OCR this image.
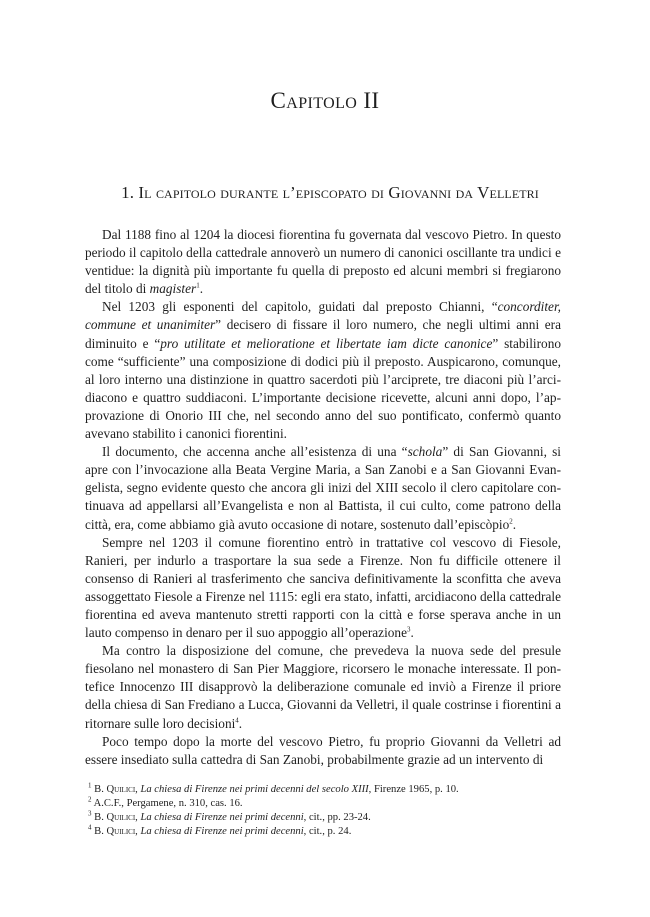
Capitolo II
1. Il capitolo durante l’episcopato di Giovanni da Velletri

Dal 1188 fino al 1204 la diocesi fiorentina fu governata dal vescovo Pietro. In questo periodo il capitolo della cattedrale annoverò un numero di canonici oscillante tra undici e ventidue: la dignità più importante fu quella di preposto ed alcuni membri si fregiarono del titolo di magister$^1$.

Nel 1203 gli esponenti del capitolo, guidati dal preposto Chianni, “concorditer, commune et unanimiter” decisero di fissare il loro numero, che negli ultimi anni era diminuito e “pro utilitate et melioratione et libertate iam dicte canonice” stabilirono come “sufficiente” una composizione di dodici più il preposto. Auspicarono, comunque, al loro interno una distinzione in quattro sacerdoti più l’arciprete, tre diaconi più l’arcidiacono e quattro suddiaconi. L’importante decisione ricevette, alcuni anni dopo, l’approvazione di Onorio III che, nel secondo anno del suo pontificato, confermò quanto avevano stabilito i canonici fiorentini.

Il documento, che accenna anche all’esistenza di una “schola” di San Giovanni, si apre con l’invocazione alla Beata Vergine Maria, a San Zanobi e a San Giovanni Evangelista, segno evidente questo che ancora gli inizi del XIII secolo il clero capitolare continuava ad appellarsi all’Evangelista e non al Battista, il cui culto, come patrono della città, era, come abbiamo già avuto occasione di notare, sostenuto dall’episcòpio$^2$.

Sempre nel 1203 il comune fiorentino entrò in trattative col vescovo di Fiesole, Ranieri, per indurlo a trasportare la sua sede a Firenze. Non fu difficile ottenere il consenso di Ranieri al trasferimento che sanciva definitivamente la sconfitta che aveva assoggettato Fiesole a Firenze nel 1115: egli era stato, infatti, arcidiacono della cattedrale fiorentina ed aveva mantenuto stretti rapporti con la città e forse sperava anche in un lauto compenso in denaro per il suo appoggio all’operazione$^3$.

Ma contro la disposizione del comune, che prevedeva la nuova sede del presule fiesolano nel monastero di San Pier Maggiore, ricorsero le monache interessate. Il pontefice Innocenzo III disapprovò la deliberazione comunale ed inviò a Firenze il priore della chiesa di San Frediano a Lucca, Giovanni da Velletri, il quale costrinse i fiorentini a ritornare sulle loro decisioni$^4$.

Poco tempo dopo la morte del vescovo Pietro, fu proprio Giovanni da Velletri ad essere insediato sulla cattedra di San Zanobi, probabilmente grazie ad un intervento di

$^1$ B. Quilici, La chiesa di Firenze nei primi decenni del secolo XIII, Firenze 1965, p. 10.

$^2$ A.C.F., Pergamene, n. 310, cas. 16.

$^3$ B. Quilici, La chiesa di Firenze nei primi decenni, cit., pp. 23-24.

$^4$ B. Quilici, La chiesa di Firenze nei primi decenni, cit., p. 24.
